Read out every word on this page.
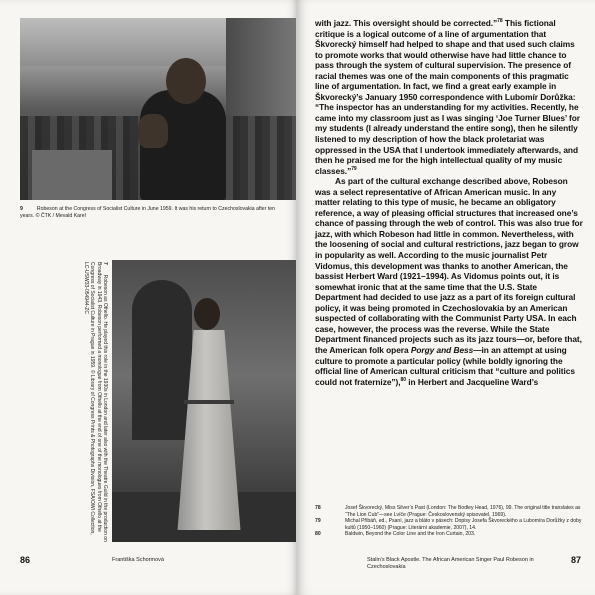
9	Robeson at the Congress of Socialist Culture in June 1959. It was his return to Czechoslovakia after ten years. © ČTK / Mevald Karel
7Robeson as Othello. He played this role in the 1930s in London and later also with the Theatre Guild in the production on Broadway in 1943. Robeson performed a monologue from Othello at the end of one of the monologues from Othello at the Congress of Socialist Culture in Prague in 1959. © Library of Congress Prints & Photographs Division, FSA/OWI Collection, LC-USW33-054944-ZC
86	Františka Schormová

with jazz. This oversight should be corrected.”$^{78}$ This fictional critique is a logical outcome of a line of argumentation that Škvorecký himself had helped to shape and that used such claims to promote works that would otherwise have had little chance to pass through the system of cultural supervision. The presence of racial themes was one of the main components of this pragmatic line of argumentation. In fact, we find a great early example in Škvorecký’s January 1950 correspondence with Lubomír Dorůžka: “The inspector has an understanding for my activities. Recently, he came into my classroom just as I was singing ‘Joe Turner Blues’ for my students (I already understand the entire song), then he silently listened to my description of how the black proletariat was oppressed in the USA that I undertook immediately afterwards, and then he praised me for the high intellectual quality of my music classes.”$^{79}$

As part of the cultural exchange described above, Robeson was a select representative of African American music. In any matter relating to this type of music, he became an obligatory reference, a way of pleasing official structures that increased one’s chance of passing through the web of control. This was also true for jazz, with which Robeson had little in common. Nevertheless, with the loosening of social and cultural restrictions, jazz began to grow in popularity as well. According to the music journalist Petr Vidomus, this development was thanks to another American, the bassist Herbert Ward (1921–1994). As Vidomus points out, it is somewhat ironic that at the same time that the U.S. State Department had decided to use jazz as a part of its foreign cultural policy, it was being promoted in Czechoslovakia by an American suspected of collaborating with the Communist Party USA. In each case, however, the process was the reverse. While the State Department financed projects such as its jazz tours—or, before that, the American folk opera Porgy and Bess—in an attempt at using culture to promote a particular policy (while boldly ignoring the official line of American cultural criticism that “culture and politics could not fraternize”),$^{80}$ in Herbert and Jacqueline Ward’s

78	Josef Škvorecký, Miss Silver’s Past (London: The Bodley Head, 1976), 99. The original title translates as “The Lion Cub”—see Lvíče (Prague: Československý spisovatel, 1969).
79	Michal Přibáň, ed., Psaní, jazz a bláto v pásech: Dopisy Josefa Škvoreckého a Lubomíra Dorůžky z doby kultů (1950–1960) (Prague: Literární akademie, 2007), 14.
80	Baldwin, Beyond the Color Line and the Iron Curtain, 203.
Stalin’s Black Apostle. The African American Singer Paul Robeson in Czechoslovakia
87
